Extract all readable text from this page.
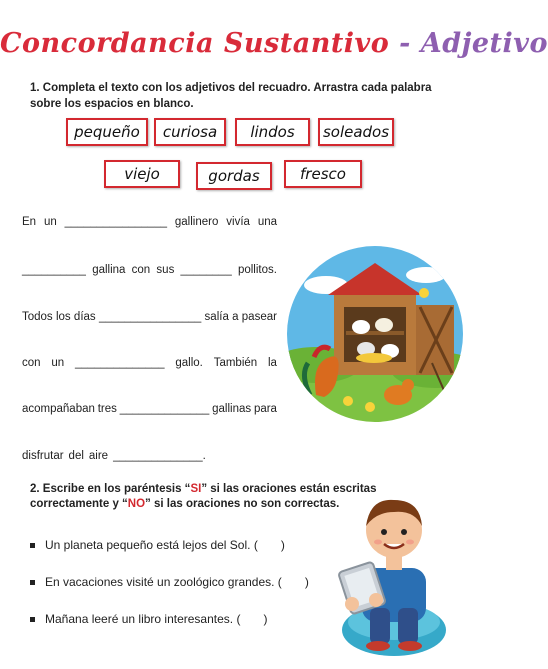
Concordancia Sustantivo - Adjetivo
1. Completa el texto con los adjetivos del recuadro. Arrastra cada palabra sobre los espacios en blanco.
pequeño	curiosa	lindos	soleados
viejo	gordas	fresco
En un ________________ gallinero vivía una
__________ gallina con sus ________ pollitos.
Todos los días ________________ salía a pasear
con un ______________ gallo. También la
acompañaban tres ______________ gallinas para
disfrutar del aire ______________.
2. Escribe en los paréntesis “SI” si las oraciones están escritas correctamente y “NO” si las oraciones no son correctas.
Un planeta pequeño está lejos del Sol. ( )
En vacaciones visité un zoológico grandes. ( )
Mañana leeré un libro interesantes. ( )
